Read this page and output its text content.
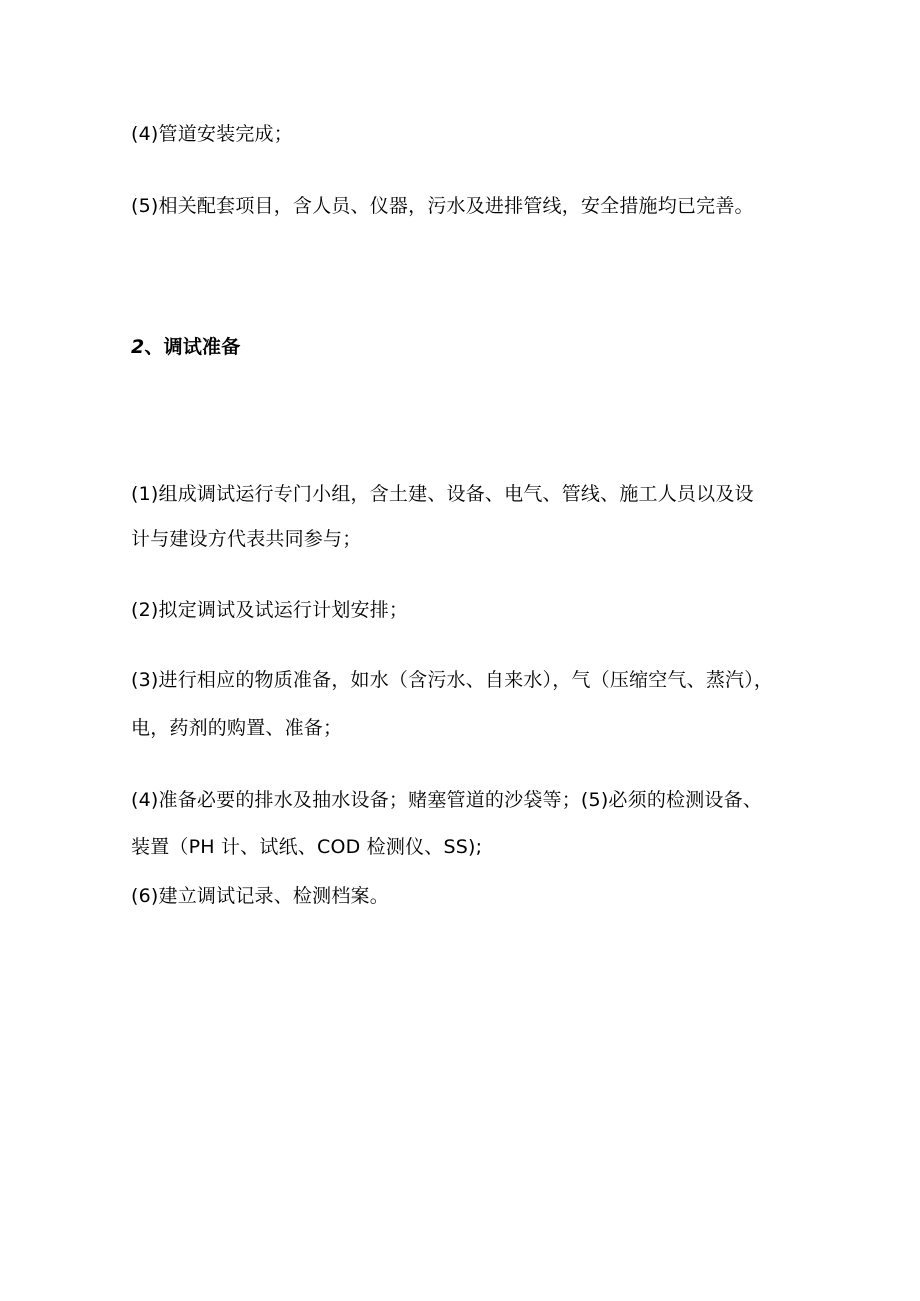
(4)管道安装完成；
(5)相关配套项目，含人员、仪器，污水及进排管线，安全措施均已完善。
2、调试准备
(1)组成调试运行专门小组，含土建、设备、电气、管线、施工人员以及设
计与建设方代表共同参与；
(2)拟定调试及试运行计划安排；
(3)进行相应的物质准备，如水（含污水、自来水），气（压缩空气、蒸汽），
电，药剂的购置、准备；
(4)准备必要的排水及抽水设备；赌塞管道的沙袋等；(5)必须的检测设备、
装置（PH 计、试纸、COD 检测仪、SS);
(6)建立调试记录、检测档案。
